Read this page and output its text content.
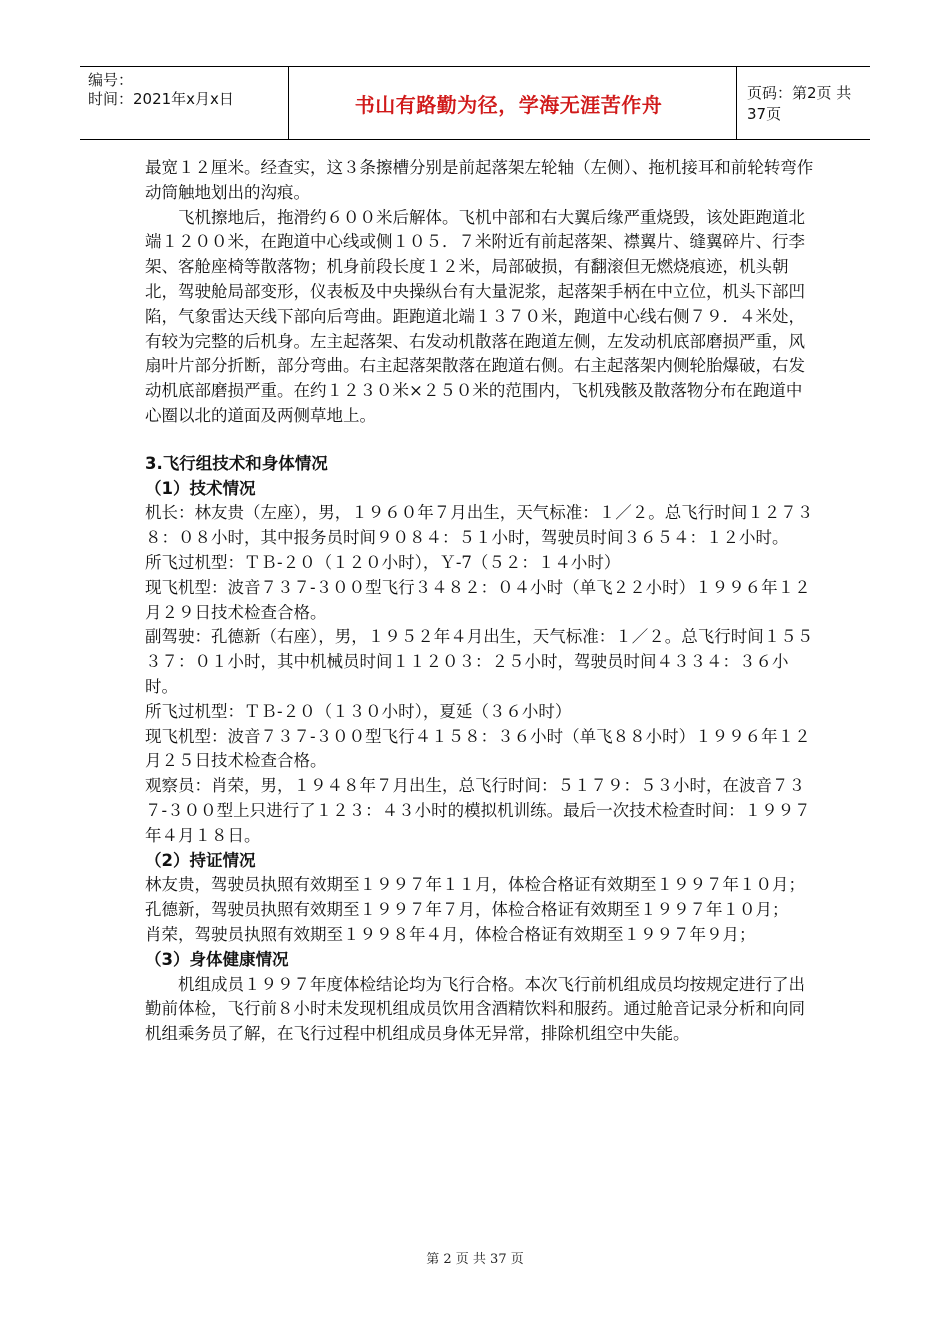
编号：
时间：2021年x月x日	书山有路勤为径，学海无涯苦作舟	页码：第2页 共37页

最宽１２厘米。经查实，这３条擦槽分别是前起落架左轮轴（左侧）、拖机接耳和前轮转弯作动筒触地划出的沟痕。

飞机擦地后，拖滑约６００米后解体。飞机中部和右大翼后缘严重烧毁，该处距跑道北端１２００米，在跑道中心线或侧１０５．７米附近有前起落架、襟翼片、缝翼碎片、行李架、客舱座椅等散落物；机身前段长度１２米，局部破损，有翻滚但无燃烧痕迹，机头朝北，驾驶舱局部变形，仪表板及中央操纵台有大量泥浆，起落架手柄在中立位，机头下部凹陷，气象雷达天线下部向后弯曲。距跑道北端１３７０米，跑道中心线右侧７９．４米处，有较为完整的后机身。左主起落架、右发动机散落在跑道左侧，左发动机底部磨损严重，风扇叶片部分折断，部分弯曲。右主起落架散落在跑道右侧。右主起落架内侧轮胎爆破，右发动机底部磨损严重。在约１２３０米×２５０米的范围内，飞机残骸及散落物分布在跑道中心圈以北的道面及两侧草地上。

3.飞行组技术和身体情况
（1）技术情况

机长：林友贵（左座），男，１９６０年７月出生，天气标准：１／２。总飞行时间１２７３８：０８小时，其中报务员时间９０８４：５１小时，驾驶员时间３６５４：１２小时。

所飞过机型：ＴＢ-２０（１２０小时），Ｙ-7（５２：１４小时）

现飞机型：波音７３７-３００型飞行３４８２：０４小时（单飞２２小时）１９９６年１２月２９日技术检查合格。

副驾驶：孔德新（右座），男，１９５２年４月出生，天气标准：１／２。总飞行时间１５５３７：０１小时，其中机械员时间１１２０３：２５小时，驾驶员时间４３３４：３６小时。

所飞过机型：ＴＢ-２０（１３０小时），夏延（３６小时）

现飞机型：波音７３７-３００型飞行４１５８：３６小时（单飞８８小时）１９９６年１２月２５日技术检查合格。

观察员：肖荣，男，１９４８年７月出生，总飞行时间：５１７９：５３小时，在波音７３７-３００型上只进行了１２３：４３小时的模拟机训练。最后一次技术检查时间：１９９７年４月１８日。

（2）持证情况

林友贵，驾驶员执照有效期至１９９７年１１月，体检合格证有效期至１９９７年１０月；

孔德新，驾驶员执照有效期至１９９７年７月，体检合格证有效期至１９９７年１０月；

肖荣，驾驶员执照有效期至１９９８年４月，体检合格证有效期至１９９７年９月；

（3）身体健康情况

机组成员１９９７年度体检结论均为飞行合格。本次飞行前机组成员均按规定进行了出勤前体检，飞行前８小时未发现机组成员饮用含酒精饮料和服药。通过舱音记录分析和向同机组乘务员了解，在飞行过程中机组成员身体无异常，排除机组空中失能。

第 2 页 共 37 页
